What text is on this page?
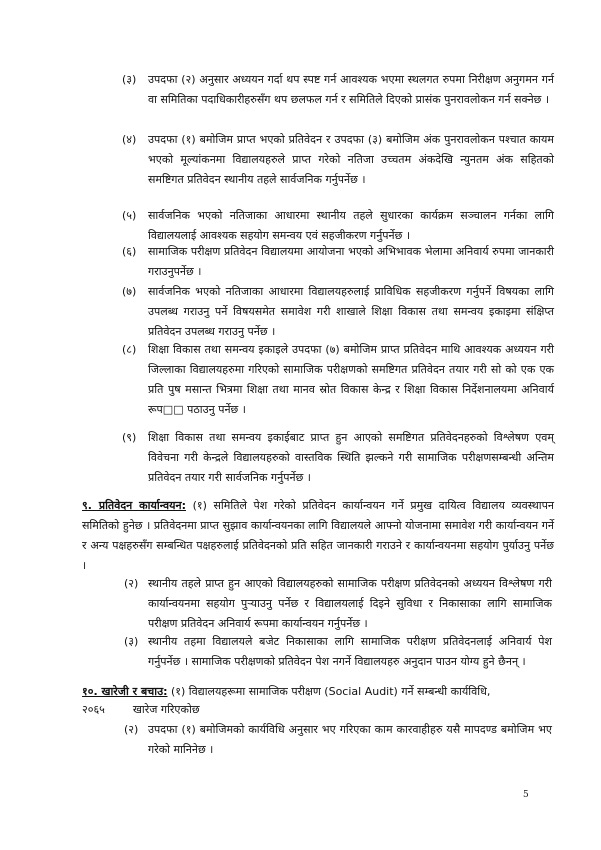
(३)	उपदफा (२) अनुसार अध्ययन गर्दा थप स्पष्ट गर्न आवश्यक भएमा स्थलगत रुपमा निरीक्षण अनुगमन गर्न वा समितिका पदाधिकारीहरुसँग थप छलफल गर्न र समितिले दिएको प्रासंक पुनरावलोकन गर्न सक्नेछ ।
(४)	उपदफा (१) बमोजिम प्राप्त भएको प्रतिवेदन र उपदफा (३) बमोजिम अंक पुनरावलोकन पश्चात कायम भएको मूल्यांकनमा विद्यालयहरुले प्राप्त गरेको नतिजा उच्चतम अंकदेखि न्युनतम अंक सहितको समष्टिगत प्रतिवेदन स्थानीय तहले सार्वजनिक गर्नुपर्नेछ ।
(५)	सार्वजनिक भएको नतिजाका आधारमा स्थानीय तहले सुधारका कार्यक्रम सञ्चालन गर्नका लागि विद्यालयलाई आवश्यक सहयोग समन्वय एवं सहजीकरण गर्नुपर्नेछ ।
(६)	सामाजिक परीक्षण प्रतिवेदन विद्यालयमा आयोजना भएको अभिभावक भेलामा अनिवार्य रुपमा जानकारी गराउनुपर्नेछ ।
(७)	सार्वजनिक भएको नतिजाका आधारमा विद्यालयहरुलाई प्राविधिक सहजीकरण गर्नुपर्ने विषयका लागि उपलब्ध गराउनु पर्ने विषयसमेत समावेश गरी शाखाले शिक्षा विकास तथा समन्वय इकाइमा संक्षिप्त प्रतिवेदन उपलब्ध गराउनु पर्नेछ ।
(८)	शिक्षा विकास तथा समन्वय इकाइले उपदफा (७) बमोजिम प्राप्त प्रतिवेदन माथि आवश्यक अध्ययन गरी जिल्लाका विद्यालयहरुमा गरिएको सामाजिक परीक्षणको समष्टिगत प्रतिवेदन तयार गरी सो को एक एक प्रति पुष मसान्त भित्रमा शिक्षा तथा मानव स्रोत विकास केन्द्र र शिक्षा विकास निर्देशनालयमा अनिवार्य रूप□□ पठाउनु पर्नेछ ।
(९)	शिक्षा विकास तथा समन्वय इकाईबाट प्राप्त हुन आएको समष्टिगत प्रतिवेदनहरुको विश्लेषण एवम् विवेचना गरी केन्द्रले विद्यालयहरुको वास्तविक स्थिति झल्कने गरी सामाजिक परीक्षणसम्बन्धी अन्तिम प्रतिवेदन तयार गरी सार्वजनिक गर्नुपर्नेछ ।
९. प्रतिवेदन कार्यान्वयन: (१) समितिले पेश गरेको प्रतिवेदन कार्यान्वयन गर्ने प्रमुख दायित्व विद्यालय व्यवस्थापन समितिको हुनेछ । प्रतिवेदनमा प्राप्त सुझाव कार्यान्वयनका लागि विद्यालयले आफ्नो योजनामा समावेश गरी कार्यान्वयन गर्ने र अन्य पक्षहरुसँग सम्बन्धित पक्षहरुलाई प्रतिवेदनको प्रति सहित जानकारी गराउने र कार्यान्वयनमा सहयोग पुर्याउनु पर्नेछ ।
(२) स्थानीय तहले प्राप्त हुन आएको विद्यालयहरुको सामाजिक परीक्षण प्रतिवेदनको अध्ययन विश्लेषण गरी कार्यान्वयनमा सहयोग पुऱ्याउनु पर्नेछ र विद्यालयलाई दिइने सुविधा र निकासाका लागि सामाजिक परीक्षण प्रतिवेदन अनिवार्य रूपमा कार्यान्वयन गर्नुपर्नेछ ।
(३) स्थानीय तहमा विद्यालयले बजेट निकासाका लागि सामाजिक परीक्षण प्रतिवेदनलाई अनिवार्य पेश गर्नुपर्नेछ । सामाजिक परीक्षणको प्रतिवेदन पेश नगर्ने विद्यालयहरु अनुदान पाउन योग्य हुने छैनन् ।
१०. खारेजी र बचाउ: (१) विद्यालयहरूमा सामाजिक परीक्षण (Social Audit) गर्ने सम्बन्धी कार्यविधि,
२०६५	खारेज गरिएकोछ
(२) उपदफा (१) बमोजिमको कार्यविधि अनुसार भए गरिएका काम कारवाहीहरु यसै मापदण्ड बमोजिम भए गरेको मानिनेछ ।
5
